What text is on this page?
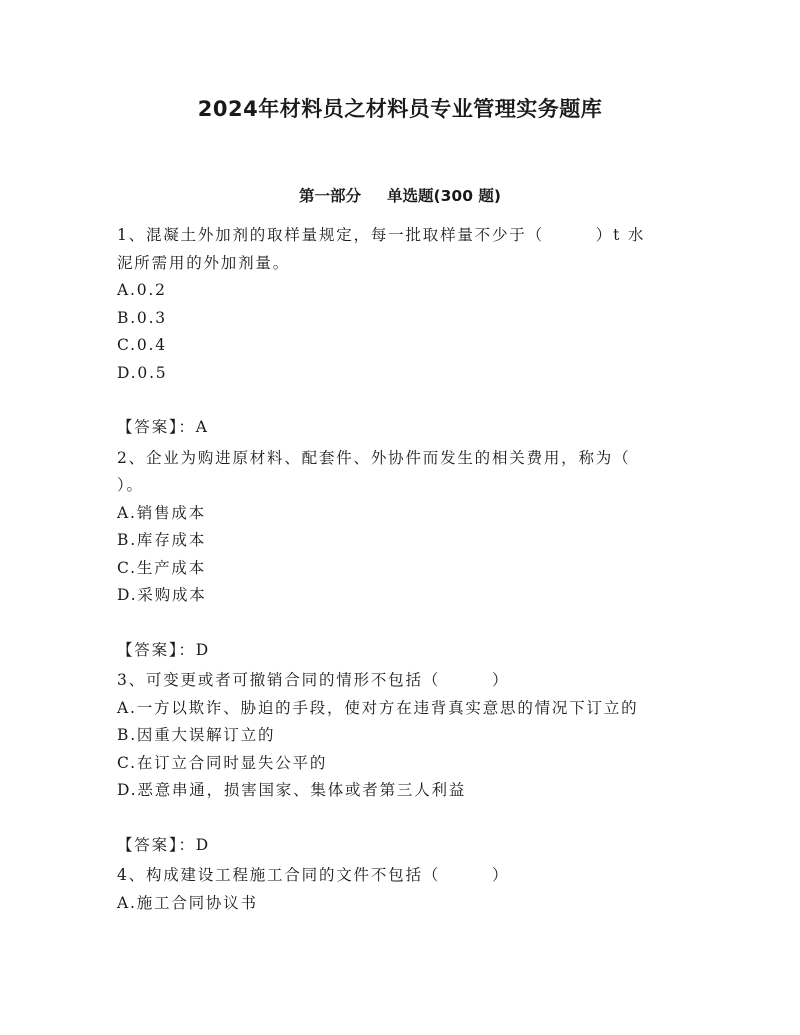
2024年材料员之材料员专业管理实务题库
第一部分 单选题(300 题)
1、混凝土外加剂的取样量规定，每一批取样量不少于（　　　）t 水
泥所需用的外加剂量。
A.0.2
B.0.3
C.0.4
D.0.5
【答案】：A
2、企业为购进原材料、配套件、外协件而发生的相关费用，称为（
）。
A.销售成本
B.库存成本
C.生产成本
D.采购成本
【答案】：D
3、可变更或者可撤销合同的情形不包括（　　　）
A.一方以欺诈、胁迫的手段，使对方在违背真实意思的情况下订立的
B.因重大误解订立的
C.在订立合同时显失公平的
D.恶意串通，损害国家、集体或者第三人利益
【答案】：D
4、构成建设工程施工合同的文件不包括（　　　）
A.施工合同协议书
